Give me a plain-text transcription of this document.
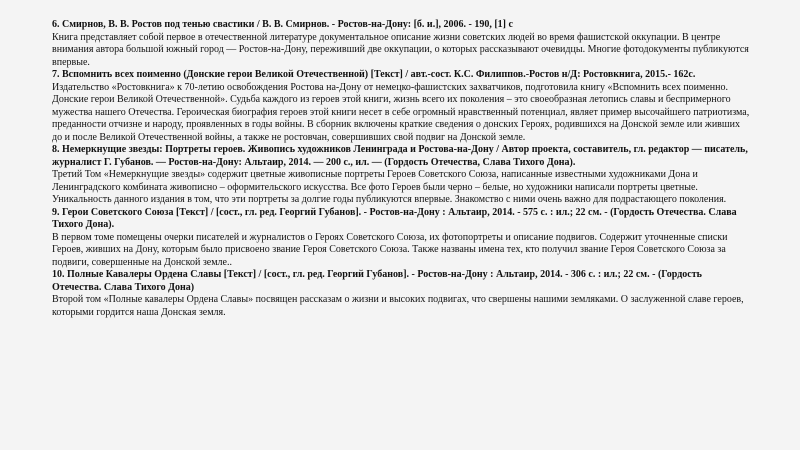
6. Смирнов, В. В. Ростов под тенью свастики / В. В. Смирнов. - Ростов-на-Дону: [б. и.], 2006. - 190, [1] с
Книга представляет собой первое в отечественной литературе документальное описание жизни советских людей во время фашистской оккупации. В центре внимания автора большой южный город — Ростов-на-Дону, переживший две оккупации, о которых рассказывают очевидцы. Многие фотодокументы публикуются впервые.
7. Вспомнить всех поименно (Донские герои Великой Отечественной) [Текст] / авт.-сост. К.С. Филиппов.-Ростов н/Д: Ростовкнига, 2015.- 162с.
Издательство «Ростовкнига» к 70-летию освобождения Ростова на-Дону от немецко-фашистских захватчиков, подготовила книгу «Вспомнить всех поименно. Донские герои Великой Отечественной». Судьба каждого из героев этой книги, жизнь всего их поколения – это своеобразная летопись славы и беспримерного мужества нашего Отечества. Героическая биография героев этой книги несет в себе огромный нравственный потенциал, являет пример высочайшего патриотизма, преданности отчизне и народу, проявленных в годы войны. В сборник включены краткие сведения о донских Героях, родившихся на Донской земле или живших до и после Великой Отечественной войны, а также не ростовчан, совершивших свой подвиг на Донской земле.
8. Немеркнущие звезды: Портреты героев. Живопись художников Ленинграда и Ростова-на-Дону / Автор проекта, составитель, гл. редактор — писатель, журналист Г. Губанов. — Ростов-на-Дону: Альтаир, 2014. — 200 с., ил. — (Гордость Отечества, Слава Тихого Дона).
Третий Том «Немеркнущие звезды» содержит цветные живописные портреты Героев Советского Союза, написанные известными художниками Дона и Ленинградского комбината живописно – оформительского искусства. Все фото Героев были черно – белые, но художники написали портреты цветные. Уникальность данного издания в том, что эти портреты за долгие годы публикуются впервые. Знакомство с ними очень важно для подрастающего поколения.
9. Герои Советского Союза [Текст] / [сост., гл. ред. Георгий Губанов]. - Ростов-на-Дону : Альтаир, 2014. - 575 с. : ил.; 22 см. - (Гордость Отечества. Слава Тихого Дона).
В первом томе помещены очерки писателей и журналистов о Героях Советского Союза, их фотопортреты и описание подвигов. Содержит уточненные списки Героев, живших на Дону, которым было присвоено звание Героя Советского Союза. Также названы имена тех, кто получил звание Героя Советского Союза за подвиги, совершенные на Донской земле..
10. Полные Кавалеры Ордена Славы [Текст] / [сост., гл. ред. Георгий Губанов]. - Ростов-на-Дону : Альтаир, 2014. - 306 с. : ил.; 22 см. - (Гордость Отечества. Слава Тихого Дона)
Второй том «Полные кавалеры Ордена Славы» посвящен рассказам о жизни и высоких подвигах, что свершены нашими земляками. О заслуженной славе героев, которыми гордится наша Донская земля.
